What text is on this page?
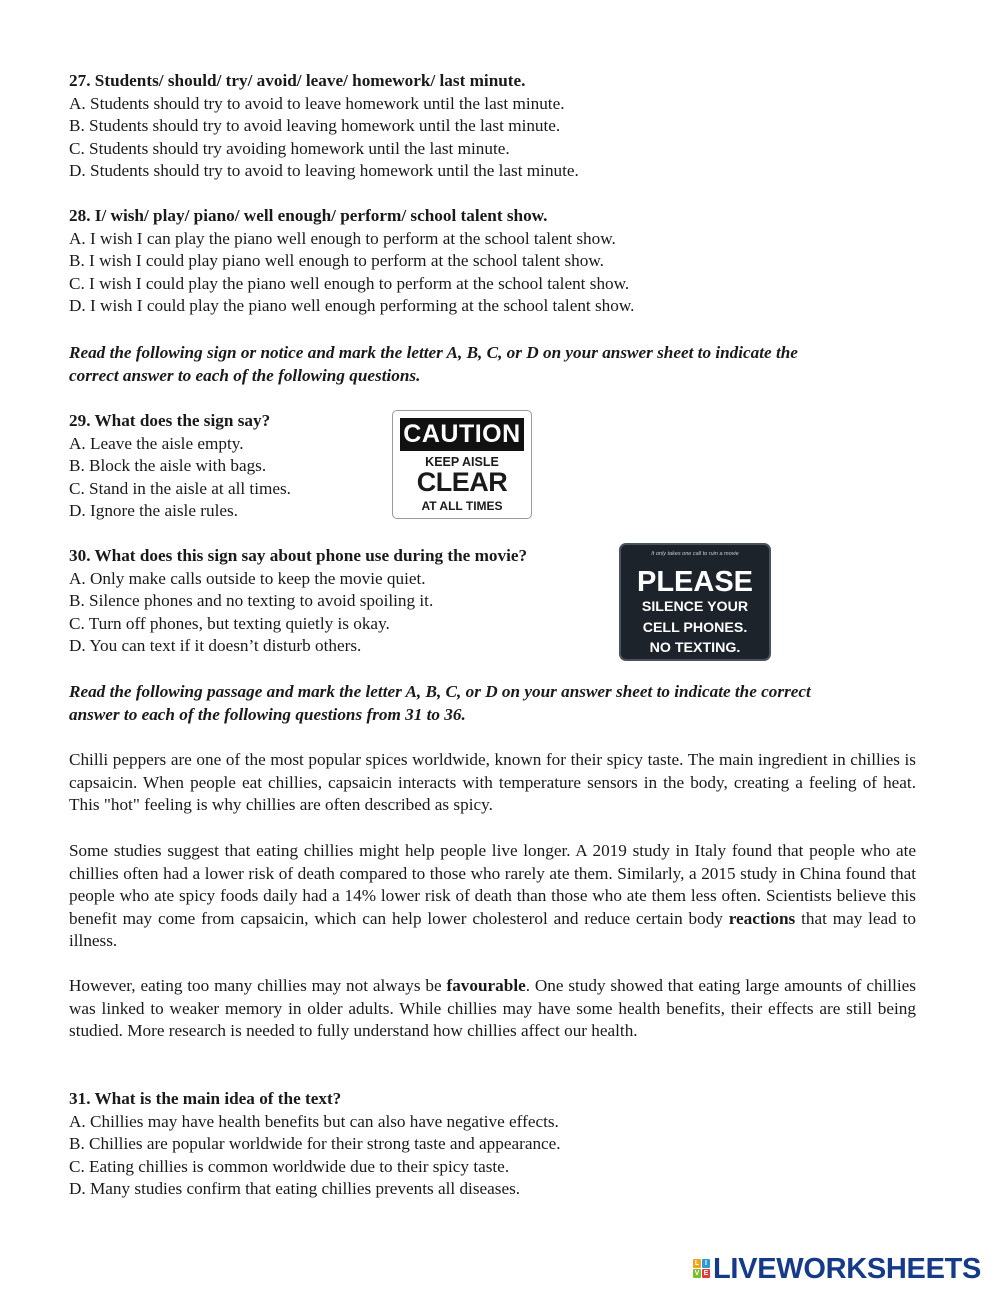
27. Students/ should/ try/ avoid/ leave/ homework/ last minute.
A. Students should try to avoid to leave homework until the last minute.
B. Students should try to avoid leaving homework until the last minute.
C. Students should try avoiding homework until the last minute.
D. Students should try to avoid to leaving homework until the last minute.
28. I/ wish/ play/ piano/ well enough/ perform/ school talent show.
A. I wish I can play the piano well enough to perform at the school talent show.
B. I wish I could play piano well enough to perform at the school talent show.
C. I wish I could play the piano well enough to perform at the school talent show.
D. I wish I could play the piano well enough performing at the school talent show.
Read the following sign or notice and mark the letter A, B, C, or D on your answer sheet to indicate the
correct answer to each of the following questions.
29. What does the sign say?
A. Leave the aisle empty.
B. Block the aisle with bags.
C. Stand in the aisle at all times.
D. Ignore the aisle rules.
CAUTION
KEEP AISLE
CLEAR
AT ALL TIMES
30. What does this sign say about phone use during the movie?
A. Only make calls outside to keep the movie quiet.
B. Silence phones and no texting to avoid spoiling it.
C. Turn off phones, but texting quietly is okay.
D. You can text if it doesn’t disturb others.
It only takes one call to ruin a movie
PLEASE
SILENCE YOUR
CELL PHONES.
NO TEXTING.
Read the following passage and mark the letter A, B, C, or D on your answer sheet to indicate the correct
answer to each of the following questions from 31 to 36.
Chilli peppers are one of the most popular spices worldwide, known for their spicy taste. The main ingredient in chillies is capsaicin. When people eat chillies, capsaicin interacts with temperature sensors in the body, creating a feeling of heat. This "hot" feeling is why chillies are often described as spicy.
Some studies suggest that eating chillies might help people live longer. A 2019 study in Italy found that people who ate chillies often had a lower risk of death compared to those who rarely ate them. Similarly, a 2015 study in China found that people who ate spicy foods daily had a 14% lower risk of death than those who ate them less often. Scientists believe this benefit may come from capsaicin, which can help lower cholesterol and reduce certain body reactions that may lead to illness.
However, eating too many chillies may not always be favourable. One study showed that eating large amounts of chillies was linked to weaker memory in older adults. While chillies may have some health benefits, their effects are still being studied. More research is needed to fully understand how chillies affect our health.
31. What is the main idea of the text?
A. Chillies may have health benefits but can also have negative effects.
B. Chillies are popular worldwide for their strong taste and appearance.
C. Eating chillies is common worldwide due to their spicy taste.
D. Many studies confirm that eating chillies prevents all diseases.
L I
V E LIVEWORKSHEETS
